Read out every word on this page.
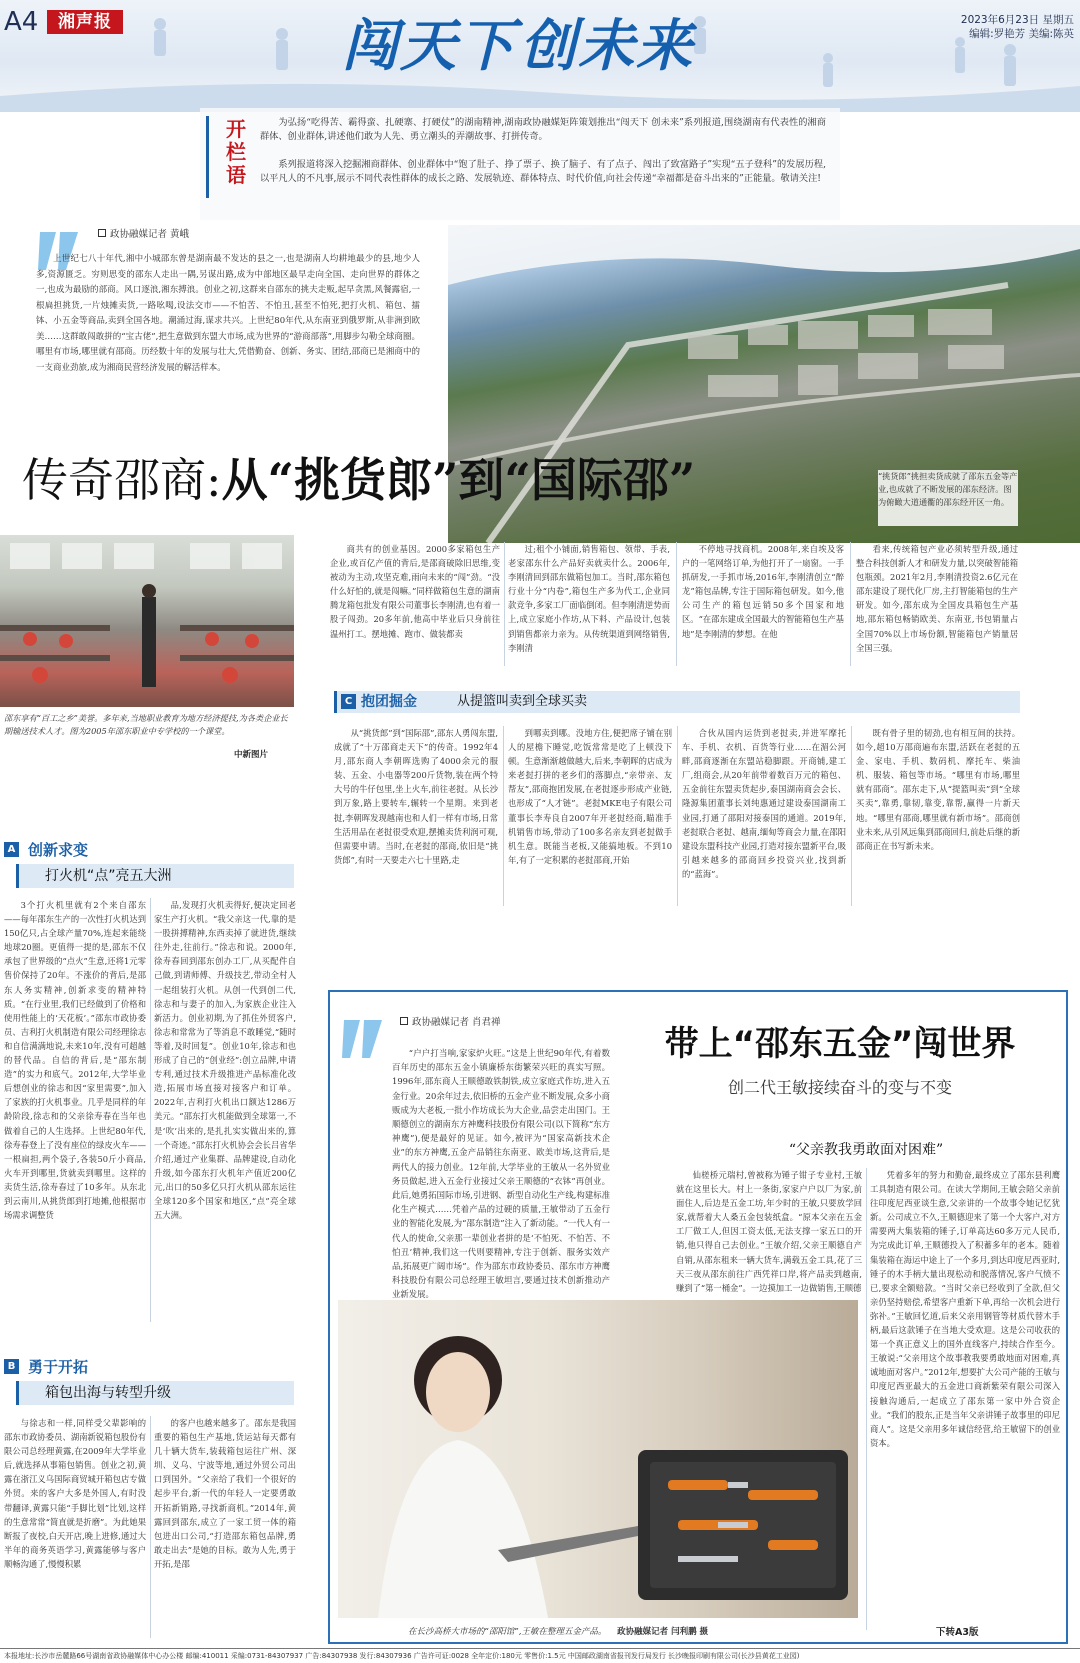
A4	湘声报	2023年6月23日 星期五
编辑:罗艳芳 美编:陈英
闯天下 创未来
开栏语
为弘扬“吃得苦、霸得蛮、扎硬寨、打硬仗”的湖南精神,湖南政协融媒矩阵策划推出“闯天下 创未来”系列报道,围绕湖南有代表性的湘商群体、创业群体,讲述他们敢为人先、勇立潮头的弄潮故事、打拼传奇。
系列报道将深入挖掘湘商群体、创业群体中“饱了肚子、挣了票子、换了脑子、有了点子、闯出了致富路子”实现“五子登科”的发展历程,以平凡人的不凡事,展示不同代表性群体的成长之路、发展轨迹、群体特点、时代价值,向社会传递“幸福都是奋斗出来的”正能量。敬请关注!
政协融媒记者 黄峨
上世纪七八十年代,湘中小城邵东曾是湖南最不发达的县之一,也是湖南人均耕地最少的县,地少人多,资源匮乏。穷则思变的邵东人走出一隅,另谋出路,成为中部地区最早走向全国、走向世界的群体之一,也成为最励的部商。风口逐浪,湘东搏浪。创业之初,这群来自邵东的挑夫走贩,起早贪黑,风餐露宿,一根扁担挑货,一片烛摊卖货,一路吆喝,设法交市——不怕苦、不怕丑,甚至不怕死,把打火机、箱包、擂钵、小五金等商品,卖到全国各地。潮涌过海,谋求共兴。上世纪80年代,从东南亚到俄罗斯,从非洲到欧美……这群敢闯敢拼的“宝古佬”,把生意做到东盟大市场,成为世界的“游商部落”,用脚步勾勒全球商圈。哪里有市场,哪里就有邵商。历经数十年的发展与壮大,凭借勤奋、创新、务实、团结,邵商已是湘商中的一支商业劲旅,成为湘商民营经济发展的解活样本。
“挑货郎”挑担卖货成就了邵东五金等产业,也成就了不断发展的邵东经济。图为俯瞰大道通衢的邵东经开区一角。
传奇邵商:从“挑货郎”到“国际邵”
邵东享有“百工之乡”美誉。多年来,当地职业教育为地方经济提技,为各类企业长期输送技术人才。图为2005年邵东职业中专学校的一个课堂。
中新图片
商共有的创业基因。2000多家箱包生产企业,或百亿产值的背后,是邵商破除旧思维,变被动为主动,攻坚克难,雨向未来的“闯”劲。“没什么好怕的,就是闯嘛。”同样做箱包生意的湖南腾龙箱包批发有限公司董事长李刚清,也有着一股子闯劲。20多年前,他高中毕业后只身前往温州打工。摆地摊、跑市、做装都卖
过;租个小铺面,销售箱包、领带、手表,老家邵东什么产品好卖就卖什么。2006年,李刚清回到邵东做箱包加工。当时,邵东箱包行业十分“内卷”,箱包生产多为代工,企业同款竞争,多家工厂面临倒闭。但李刚清逆势而上,成立家庭小作坊,从下料、产品设计,包装到销售都亲力亲为。从传统渠道到网络销售,李刚清
不停地寻找商机。2008年,来自埃及客户的一笔网络订单,为他打开了一扇窗。一手抓研发,一手抓市场,2016年,李刚清创立“醉龙”箱包品牌,专注于国际箱包研发。如今,他公司生产的箱包远销50多个国家和地区。“在邵东建成全国最大的智能箱包生产基地”是李刚清的梦想。在他
看来,传统箱包产业必须转型升级,通过整合科技创新人才和研发力量,以突破智能箱包瓶颈。2021年2月,李刚清投资2.6亿元在邵东建设了现代化厂房,主打智能箱包的生产研发。如今,邵东成为全国皮具箱包生产基地,邵东箱包畅销欧美、东南亚,书包销量占全国70%以上市场份额,智能箱包产销量居全国三强。
C 抱团掘金	从提篮叫卖到全球买卖
从“挑货郎”到“国际邵”,邵东人勇闯东盟,成就了“十万邵商走天下”的传奇。1992年4月,邵东商人李朝晖选购了4000余元的服装、五金、小电器等200斤货物,装在两个特大号的牛仔包里,坐上火车,前往老挝。从长沙到万象,路上要转车,辗转一个星期。来到老挝,李朝晖发现越南也和人们一样有市场,日常生活用品在老挝很受欢迎,摆摊卖货利润可观,但需要申请。当时,在老挝的邵商,依旧是“挑货郎”,有时一天要走六七十里路,走
到哪卖到哪。没地方住,便把席子铺在别人的屋檐下睡觉,吃饭常常是吃了上顿没下顿。生意渐渐越做越大,后来,李朝晖的店成为来老挝打拼的老乡们的落脚点,“亲带亲、友帮友”,邵商抱团发展,在老挝逐步形成产业链,也形成了“人才链”。老挝MKE电子有限公司董事长李寿良自2007年开老挝经商,瞄准手机销售市场,带动了100多名亲友到老挝做手机生意。既能当老板,又能搞地板。不到10年,有了一定积累的老挝邵商,开始
合伙从国内运货到老挝卖,并进军摩托车、手机、衣机、百货等行业……在湄公河畔,邵商逐渐在东盟站稳脚跟。开商铺,建工厂,组商会,从20年前带着数百万元的箱包、五金前往东盟卖货起步,泰国湖南商会会长、隆源集团董事长刘纯惠通过建设泰国湖南工业园,打通了邵阳对接泰国的通道。2019年,老挝联合老挝、越南,缅甸等商会力量,在邵阳建设东盟科技产业园,打造对接东盟新平台,吸引越来越多的邵商回乡投资兴业,找到新的“蓝海”。
既有骨子里的韧劲,也有相互间的扶持。如今,超10万邵商遍布东盟,活跃在老挝的五金、家电、手机、数码机、摩托车、柴油机、服装、箱包等市场。“哪里有市场,哪里就有邵商”。邵东走下,从“提篮叫卖”到“全球买卖”,靠勇,靠韧,靠变,靠帮,赢得一片新天地。“哪里有邵商,哪里就有新市场”。邵商创业未来,从引风远集到邵商回归,前赴后继的新邵商正在书写新未来。
A 创新求变
打火机“点”亮五大洲
3个打火机里就有2个来自邵东——每年邵东生产的一次性打火机达到150亿只,占全球产量70%,连起来能绕地球20圈。更值得一提的是,邵东不仅承包了世界级的“点火”生意,还将1元零售价保持了20年。不涨价的背后,是邵东人务实精神,创新求变的精神特质。“在行业里,我们已经做到了价格和使用性能上的‘天花板’。”邵东市政协委员、吉利打火机制造有限公司经理徐志和自信满满地说,未来10年,没有可超越的替代品。自信的背后,是“邵东制造”的实力和底气。2012年,大学毕业后想创业的徐志和因“家里需要”,加入了家族的打火机事业。几乎是同样的年龄阶段,徐志和的父亲徐寿春在当年也做着自己的人生选择。上世纪80年代,徐寿春登上了没有座位的绿皮火车——一根扁担,两个袋子,各装50斤小商品,火车开到哪里,货就卖到哪里。这样的卖货生活,徐寿春过了10多年。从东北到云南川,从挑货郎到打地摊,他根据市场需求调整货
品,发现打火机卖得好,便决定回老家生产打火机。“我父亲这一代,靠的是一股拼搏精神,东西卖掉了就进货,继续往外走,往前行。”徐志和说。2000年,徐寿春回到邵东创办工厂,从买配件自己做,到请师傅、升级技艺,带动全村人一起组装打火机。从创一代到创二代,徐志和与妻子的加入,为家族企业注入新活力。创业初期,为了抓住外贸客户,徐志和常常为了等消息不敢睡觉,“随时等着,及时回复”。创业10年,徐志和也形成了自己的“创业经”:创立品牌,申请专利,通过技术升级推进产品标准化改造,拓展市场直接对接客户和订单。2022年,吉利打火机出口额达1286万美元。“邵东打火机能做到全球第一,不是‘吹’出来的,是扎扎实实做出来的,算一个奇迹。”邵东打火机协会会长吕省华介绍,通过产业集群、品牌建设,自动化升级,如今邵东打火机年产值近200亿元,出口的50多亿只打火机从邵东运往全球120多个国家和地区,“点”亮全球五大洲。
B 勇于开拓
箱包出海与转型升级
与徐志和一样,同样受父辈影响的邵东市政协委员、湖南新锐箱包股份有限公司总经理黄露,在2009年大学毕业后,就选择从事箱包销售。创业之初,黄露在浙江义乌国际商贸城开箱包店专做外贸。来的客户大多是外国人,有时没带翻译,黄露只能“手脚比划”比划,这样的生意常常“简直就是折磨”。为此她果断报了夜校,白天开店,晚上进修,通过大半年的商务英语学习,黄露能够与客户顺畅沟通了,慢慢积累
的客户也越来越多了。邵东是我国重要的箱包生产基地,货运站每天都有几十辆大货车,装载箱包运往广州、深圳、义乌、宁波等地,通过外贸公司出口到国外。“父亲给了我们一个很好的起步平台,新一代的年轻人一定要勇敢开拓新销路,寻找新商机。”2014年,黄露回到邵东,成立了一家工贸一体的箱包进出口公司,“打造邵东箱包品牌,勇敢走出去”是她的目标。敢为人先,勇于开拓,是邵
政协融媒记者 肖君禅
带上“邵东五金”闯世界
创二代王敏接续奋斗的变与不变
“户户打当响,家家炉火旺。”这是上世纪90年代,有着数百年历史的邵东五金小镇廉桥东街繁荣兴旺的真实写照。1996年,邵东商人王顺德敢铁制铁,成立家庭式作坊,进入五金行业。20余年过去,依旧桥的五金产业不断发展,众多小商贩成为大老板,一批小作坊成长为大企业,品尝走出国门。王顺德创立的湖南东方神鹰科技股份有限公司(以下简称“东方神鹰”),便是最好的见证。如今,被评为“国家高新技术企业”的东方神鹰,五金产品销往东南亚、欧美市场,这背后,是两代人的接力创业。12年前,大学毕业的王敏从一名外贸业务员做起,进入五金行业接过父亲王顺德的“衣钵”再创业。此后,她勇拓国际市场,引进钢、新型自动化生产线,构建标准化生产模式……凭着产品的过硬的质量,王敏带动了五金行业的智能化发展,为“邵东制造”注入了新动能。“一代人有一代人的使命,父亲那一辈创业者拼的是‘不怕死、不怕苦、不怕丑’精神,我们这一代则要精神,专注于创新、服务实效产品,拓展更广阔市场”。作为邵东市政协委员、邵东市方神鹰科技股份有限公司总经理王敏坦言,要通过技术创新推动产业新发展。
“父亲教我勇敢面对困难”
仙槎桥元瑞村,曾被称为锤子钳子专业村,王敏就在这里长大。村上一条街,家家户户以厂为家,前面住人,后边是五金工坊,年少时的王敏,只要放学回家,就帮着大人桑五金包装纸盒。“原本父亲在五金工厂做工人,但因工资太低,无法支撑一家五口的开销,他只得自己去创业。”王敏介绍,父亲王顺德自产自销,从邵东租来一辆大货车,满载五金工具,花了三天三夜从邵东前往广西凭祥口岸,将产品卖到越南,赚到了“第一桶金”。一边摸加工一边做销售,王顺德
凭着多年的努力和勤奋,最终成立了邵东县利鹰工具制造有限公司。在读大学期间,王敏会陪父亲前往印度尼西亚谈生意,父亲讲的一个故事令她记忆犹新。公司成立不久,王顺德迎来了第一个大客户,对方需要两大集装箱的锤子,订单高达60多万元人民币,为完成此订单,王顺德投入了积蓄多年的老本。随着集装箱在海运中途上了一个多月,到达印度尼西亚时,锤子的木手柄大量出现松动和脱落情况,客户气愤不已,要求全额赔款。“当时父亲已经收到了全款,但父亲仍坚持赔偿,希望客户重新下单,再给一次机会进行弥补。”王敏回忆道,后来父亲用钢管等材质代替木手柄,最后这款锤子在当地大受欢迎。这是公司收获的第一个真正意义上的国外直线客户,持续合作至今。王敏说:“父亲用这个故事教我要勇敢地面对困难,真诚地面对客户。”2012年,想要扩大公司产能的王敏与印度尼西亚最大的五金进口商新紫荣有限公司深入接触沟通后,一起成立了邵东第一家中外合资企业。“我们的股东,正是当年父亲讲锤子故事里的印尼商人”。这是父亲用多年诚信经营,给王敏留下的创业资本。
在长沙高桥大市场的“邵阳馆”,王敏在整理五金产品。 政协融媒记者 闫利鹏 摄	下转A3版
本报地址:长沙市岳麓路66号湖南省政协融媒体中心办公楼 邮编:410011 采编:0731-84307937 广告:84307938 发行:84307936 广告许可证:0028 全年定价:180元 零售价:1.5元 中国邮政湖南省报刊发行局发行 长沙晚报印刷有限公司(长沙县黄花工业园)
